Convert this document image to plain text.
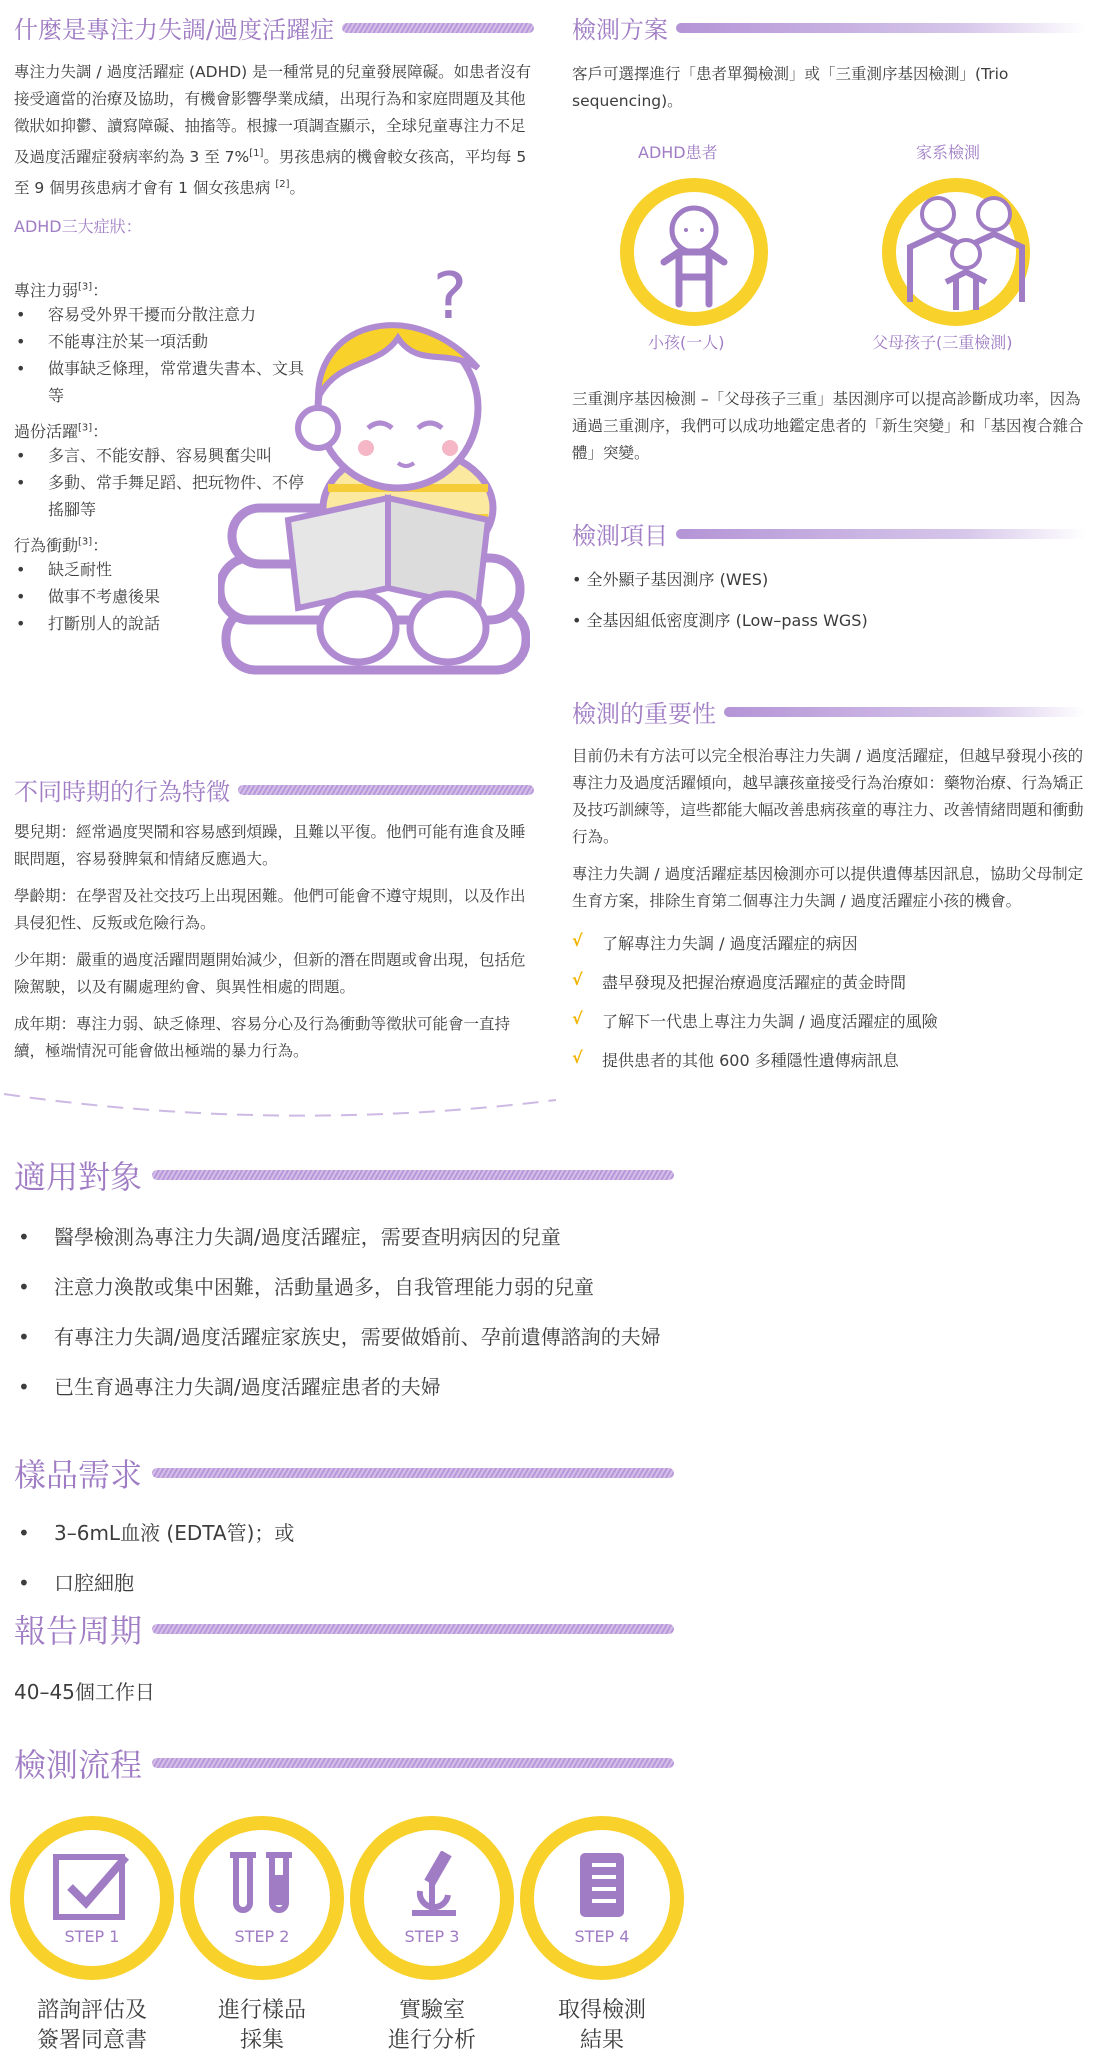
什麼是專注力失調/過度活躍症

專注力失調 / 過度活躍症 (ADHD) 是一種常見的兒童發展障礙。如患者沒有接受適當的治療及協助，有機會影響學業成績，出現行為和家庭問題及其他徵狀如抑鬱、讀寫障礙、抽搐等。根據一項調查顯示，全球兒童專注力不足及過度活躍症發病率約為 3 至 7%[1]。男孩患病的機會較女孩高，平均每 5 至 9 個男孩患病才會有 1 個女孩患病 [2]。

ADHD三大症狀：
專注力弱[3]：
• 容易受外界干擾而分散注意力
• 不能專注於某一項活動
• 做事缺乏條理，常常遺失書本、文具等
過份活躍[3]：
• 多言、不能安靜、容易興奮尖叫
• 多動、常手舞足蹈、把玩物件、不停搖腳等
行為衝動[3]：
• 缺乏耐性
• 做事不考慮後果
• 打斷別人的說話
?
不同時期的行為特徵

嬰兒期：經常過度哭鬧和容易感到煩躁，且難以平復。他們可能有進食及睡眠問題，容易發脾氣和情緒反應過大。

學齡期：在學習及社交技巧上出現困難。他們可能會不遵守規則，以及作出具侵犯性、反叛或危險行為。

少年期：嚴重的過度活躍問題開始減少，但新的潛在問題或會出現，包括危險駕駛，以及有關處理約會、與異性相處的問題。

成年期：專注力弱、缺乏條理、容易分心及行為衝動等徵狀可能會一直持續，極端情況可能會做出極端的暴力行為。

檢測方案

客戶可選擇進行「患者單獨檢測」或「三重測序基因檢測」(Trio sequencing)。

ADHD患者	家系檢測
小孩(一人)	父母孩子(三重檢測)

三重測序基因檢測 –「父母孩子三重」基因測序可以提高診斷成功率，因為通過三重測序，我們可以成功地鑑定患者的「新生突變」和「基因複合雜合體」突變。

檢測項目
• 全外顯子基因測序 (WES)
• 全基因組低密度測序 (Low–pass WGS)
檢測的重要性

目前仍未有方法可以完全根治專注力失調 / 過度活躍症，但越早發現小孩的專注力及過度活躍傾向，越早讓孩童接受行為治療如：藥物治療、行為矯正及技巧訓練等，這些都能大幅改善患病孩童的專注力、改善情緒問題和衝動行為。

專注力失調 / 過度活躍症基因檢測亦可以提供遺傳基因訊息，協助父母制定生育方案，排除生育第二個專注力失調 / 過度活躍症小孩的機會。

√ 了解專注力失調 / 過度活躍症的病因
√ 盡早發現及把握治療過度活躍症的黃金時間
√ 了解下一代患上專注力失調 / 過度活躍症的風險
√ 提供患者的其他 600 多種隱性遺傳病訊息
適用對象
• 醫學檢測為專注力失調/過度活躍症，需要查明病因的兒童
• 注意力渙散或集中困難，活動量過多，自我管理能力弱的兒童
• 有專注力失調/過度活躍症家族史，需要做婚前、孕前遺傳諮詢的夫婦
• 已生育過專注力失調/過度活躍症患者的夫婦
樣品需求
• 3–6mL血液 (EDTA管)；或
• 口腔細胞
報告周期
40–45個工作日
檢測流程
STEP 1	STEP 2	STEP 3	STEP 4
諮詢評估及
簽署同意書
進行樣品
採集
實驗室
進行分析
取得檢測
結果
